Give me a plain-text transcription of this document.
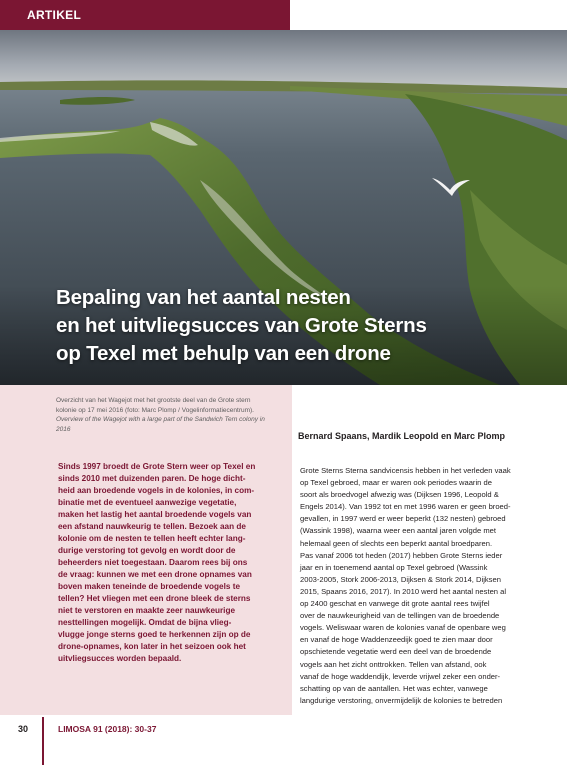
ARTIKEL
Bepaling van het aantal nesten
en het uitvliegsucces van Grote Sterns
op Texel met behulp van een drone
Overzicht van het Wagejot met het grootste deel van de Grote stern
kolonie op 17 mei 2016 (foto: Marc Plomp / Vogelinformatiecentrum).
Overview of the Wagejot with a large part of the Sandwich Tern colony in
2016
Bernard Spaans, Mardik Leopold en Marc Plomp
Sinds 1997 broedt de Grote Stern weer op Texel en
sinds 2010 met duizenden paren. De hoge dicht-
heid aan broedende vogels in de kolonies, in com-
binatie met de eventueel aanwezige vegetatie,
maken het lastig het aantal broedende vogels van
een afstand nauwkeurig te tellen. Bezoek aan de
kolonie om de nesten te tellen heeft echter lang-
durige verstoring tot gevolg en wordt door de
beheerders niet toegestaan. Daarom rees bij ons
de vraag: kunnen we met een drone opnames van
boven maken teneinde de broedende vogels te
tellen? Het vliegen met een drone bleek de sterns
niet te verstoren en maakte zeer nauwkeurige
nesttellingen mogelijk. Omdat de bijna vlieg-
vlugge jonge sterns goed te herkennen zijn op de
drone-opnames, kon later in het seizoen ook het
uitvliegsucces worden bepaald.
Grote Sterns Sterna sandvicensis hebben in het verleden vaak
op Texel gebroed, maar er waren ook periodes waarin de
soort als broedvogel afwezig was (Dijksen 1996, Leopold &
Engels 2014). Van 1992 tot en met 1996 waren er geen broed-
gevallen, in 1997 werd er weer beperkt (132 nesten) gebroed
(Wassink 1998), waarna weer een aantal jaren volgde met
helemaal geen of slechts een beperkt aantal broedparen.
Pas vanaf 2006 tot heden (2017) hebben Grote Sterns ieder
jaar en in toenemend aantal op Texel gebroed (Wassink
2003-2005, Stork 2006-2013, Dijksen & Stork 2014, Dijksen
2015, Spaans 2016, 2017). In 2010 werd het aantal nesten al
op 2400 geschat en vanwege dit grote aantal rees twijfel
over de nauwkeurigheid van de tellingen van de broedende
vogels. Weliswaar waren de kolonies vanaf de openbare weg
en vanaf de hoge Waddenzeedijk goed te zien maar door
opschietende vegetatie werd een deel van de broedende
vogels aan het zicht onttrokken. Tellen van afstand, ook
vanaf de hoge waddendijk, leverde vrijwel zeker een onder-
schatting op van de aantallen. Het was echter, vanwege
langdurige verstoring, onvermijdelijk de kolonies te betreden
30	LIMOSA 91 (2018): 30-37
